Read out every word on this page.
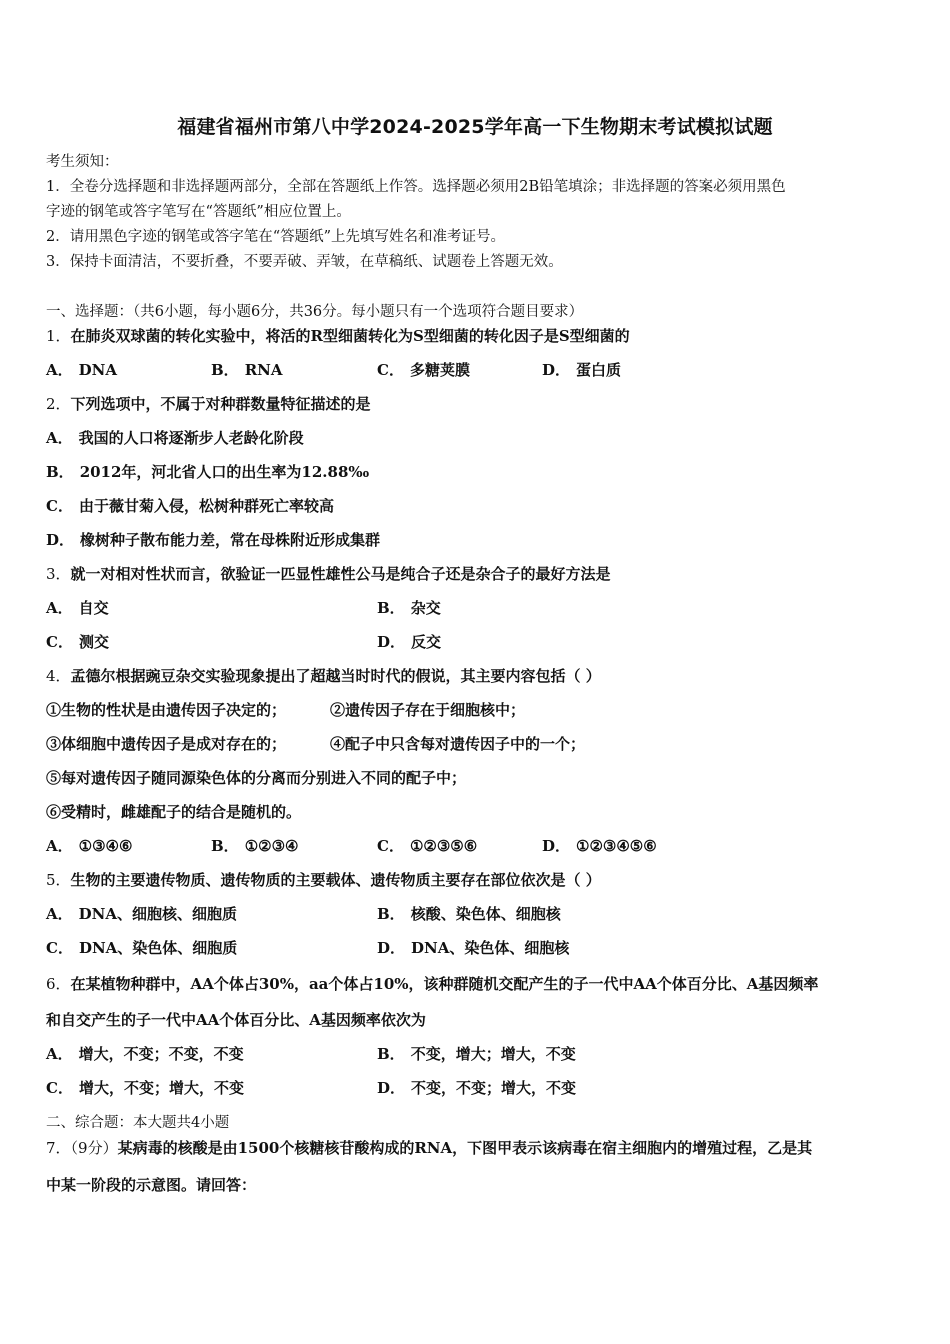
福建省福州市第八中学2024-2025学年高一下生物期末考试模拟试题
考生须知：
1．全卷分选择题和非选择题两部分，全部在答题纸上作答。选择题必须用2B铅笔填涂；非选择题的答案必须用黑色
字迹的钢笔或答字笔写在“答题纸”相应位置上。
2．请用黑色字迹的钢笔或答字笔在“答题纸”上先填写姓名和准考证号。
3．保持卡面清洁，不要折叠，不要弄破、弄皱，在草稿纸、试题卷上答题无效。
一、选择题：（共6小题，每小题6分，共36分。每小题只有一个选项符合题目要求）
1．在肺炎双球菌的转化实验中，将活的R型细菌转化为S型细菌的转化因子是S型细菌的
A． DNA	B． RNA	C． 多糖荚膜	D． 蛋白质
2．下列选项中，不属于对种群数量特征描述的是
A． 我国的人口将逐渐步人老龄化阶段
B． 2012年，河北省人口的出生率为12.88‰
C． 由于薇甘菊入侵，松树种群死亡率较高
D． 橡树种子散布能力差，常在母株附近形成集群
3．就一对相对性状而言，欲验证一匹显性雄性公马是纯合子还是杂合子的最好方法是
A． 自交	B． 杂交
C． 测交	D． 反交
4．孟德尔根据豌豆杂交实验现象提出了超越当时时代的假说，其主要内容包括（ ）
①生物的性状是由遗传因子决定的；	②遗传因子存在于细胞核中；
③体细胞中遗传因子是成对存在的；	④配子中只含每对遗传因子中的一个；
⑤每对遗传因子随同源染色体的分离而分别进入不同的配子中；
⑥受精时，雌雄配子的结合是随机的。
A． ①③④⑥	B． ①②③④	C． ①②③⑤⑥	D． ①②③④⑤⑥
5．生物的主要遗传物质、遗传物质的主要载体、遗传物质主要存在部位依次是（ ）
A． DNA、细胞核、细胞质	B． 核酸、染色体、细胞核
C． DNA、染色体、细胞质	D． DNA、染色体、细胞核
6．在某植物种群中，AA个体占30%，aa个体占10%，该种群随机交配产生的子一代中AA个体百分比、A基因频率
和自交产生的子一代中AA个体百分比、A基因频率依次为
A． 增大，不变；不变，不变	B． 不变，增大；增大，不变
C． 增大，不变；增大，不变	D． 不变，不变；增大，不变
二、综合题：本大题共4小题
7．（9分）某病毒的核酸是由1500个核糖核苷酸构成的RNA，下图甲表示该病毒在宿主细胞内的增殖过程，乙是其
中某一阶段的示意图。请回答：
